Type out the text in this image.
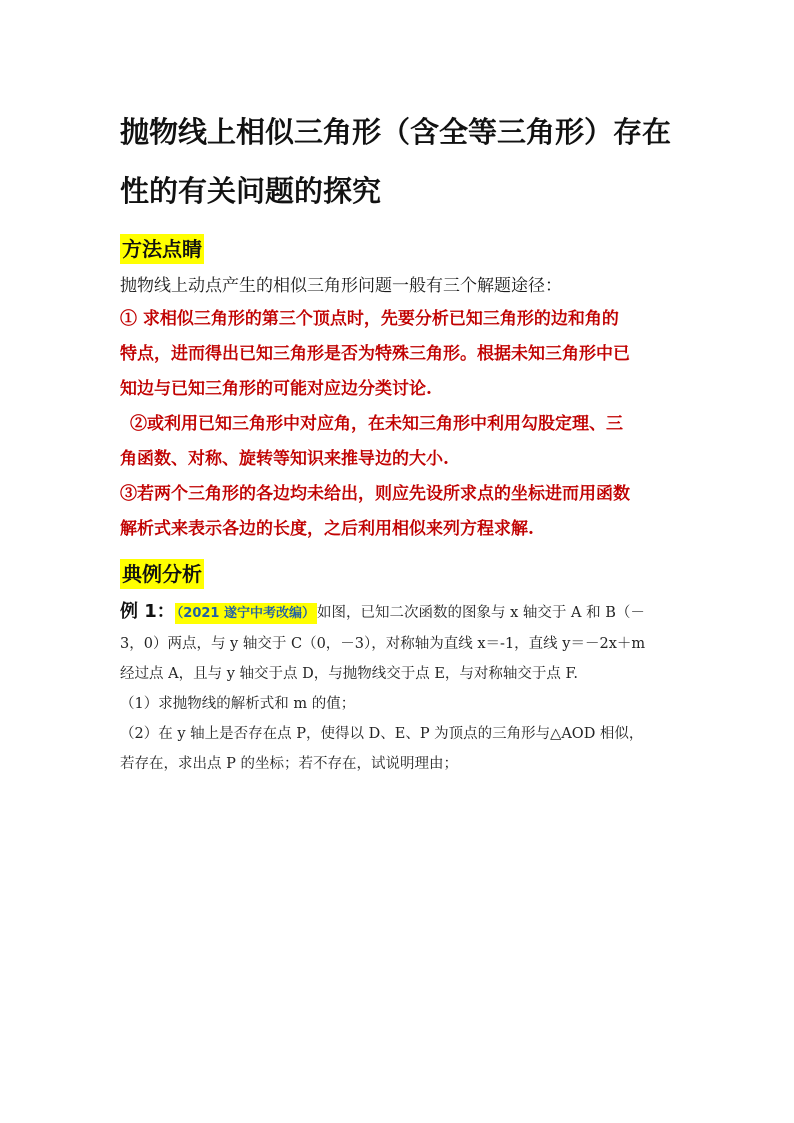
抛物线上相似三角形（含全等三角形）存在
性的有关问题的探究
方法点睛
抛物线上动点产生的相似三角形问题一般有三个解题途径：
① 求相似三角形的第三个顶点时，先要分析已知三角形的边和角的
特点，进而得出已知三角形是否为特殊三角形。根据未知三角形中已
知边与已知三角形的可能对应边分类讨论.
②或利用已知三角形中对应角，在未知三角形中利用勾股定理、三
角函数、对称、旋转等知识来推导边的大小.
③若两个三角形的各边均未给出，则应先设所求点的坐标进而用函数
解析式来表示各边的长度，之后利用相似来列方程求解.
典例分析
例 1： （2021 遂宁中考改编） 如图，已知二次函数的图象与 x 轴交于 A 和 B（－
3，0）两点，与 y 轴交于 C（0，－3），对称轴为直线 x＝-1，直线 y＝－2x＋m
经过点 A，且与 y 轴交于点 D，与抛物线交于点 E，与对称轴交于点 F.
（1）求抛物线的解析式和 m 的值；
（2）在 y 轴上是否存在点 P，使得以 D、E、P 为顶点的三角形与△AOD 相似，
若存在，求出点 P 的坐标；若不存在，试说明理由；
